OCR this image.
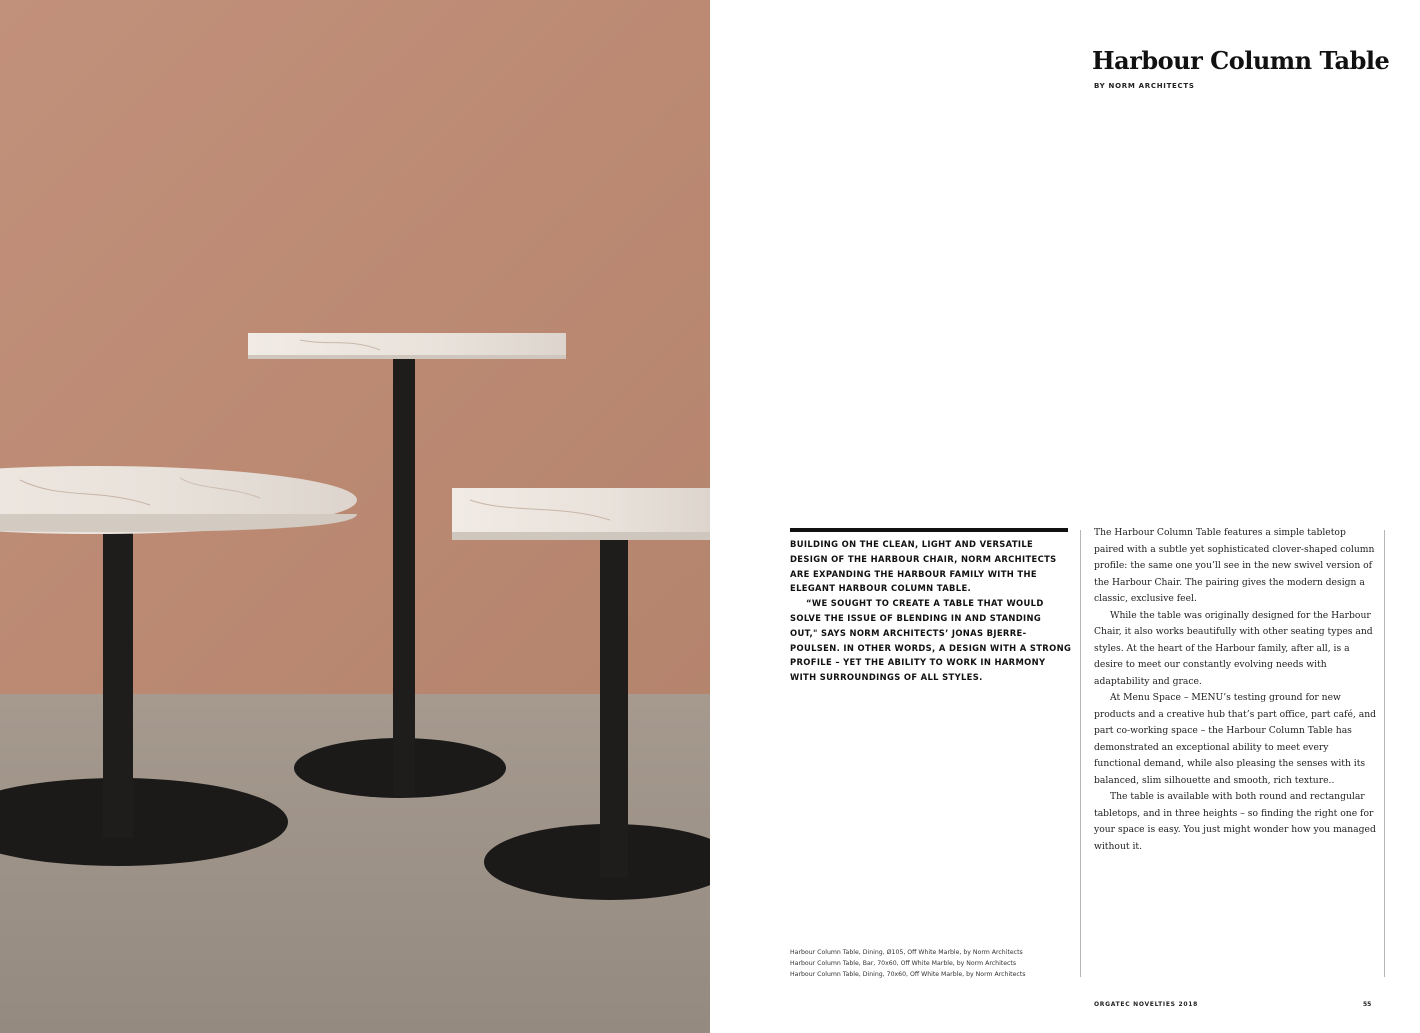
Harbour Column Table
BY NORM ARCHITECTS

BUILDING ON THE CLEAN, LIGHT AND VERSATILE DESIGN OF THE HARBOUR CHAIR, NORM ARCHITECTS ARE EXPANDING THE HARBOUR FAMILY WITH THE ELEGANT HARBOUR COLUMN TABLE.

“WE SOUGHT TO CREATE A TABLE THAT WOULD SOLVE THE ISSUE OF BLENDING IN AND STANDING OUT," SAYS NORM ARCHITECTS’ JONAS BJERRE-POULSEN. IN OTHER WORDS, A DESIGN WITH A STRONG PROFILE – YET THE ABILITY TO WORK IN HARMONY WITH SURROUNDINGS OF ALL STYLES.

The Harbour Column Table features a simple tabletop paired with a subtle yet sophisticated clover-shaped column profile: the same one you’ll see in the new swivel version of the Harbour Chair. The pairing gives the modern design a classic, exclusive feel.

While the table was originally designed for the Harbour Chair, it also works beautifully with other seating types and styles. At the heart of the Harbour family, after all, is a desire to meet our constantly evolving needs with adaptability and grace.

At Menu Space – MENU’s testing ground for new products and a creative hub that’s part office, part café, and part co-working space – the Harbour Column Table has demonstrated an exceptional ability to meet every functional demand, while also pleasing the senses with its balanced, slim silhouette and smooth, rich texture..

The table is available with both round and rectangular tabletops, and in three heights – so finding the right one for your space is easy. You just might wonder how you managed without it.

Harbour Column Table, Dining, Ø105, Off White Marble, by Norm Architects
Harbour Column Table, Bar, 70x60, Off White Marble, by Norm Architects
Harbour Column Table, Dining, 70x60, Off White Marble, by Norm Architects
ORGATEC NOVELTIES 2018	55
